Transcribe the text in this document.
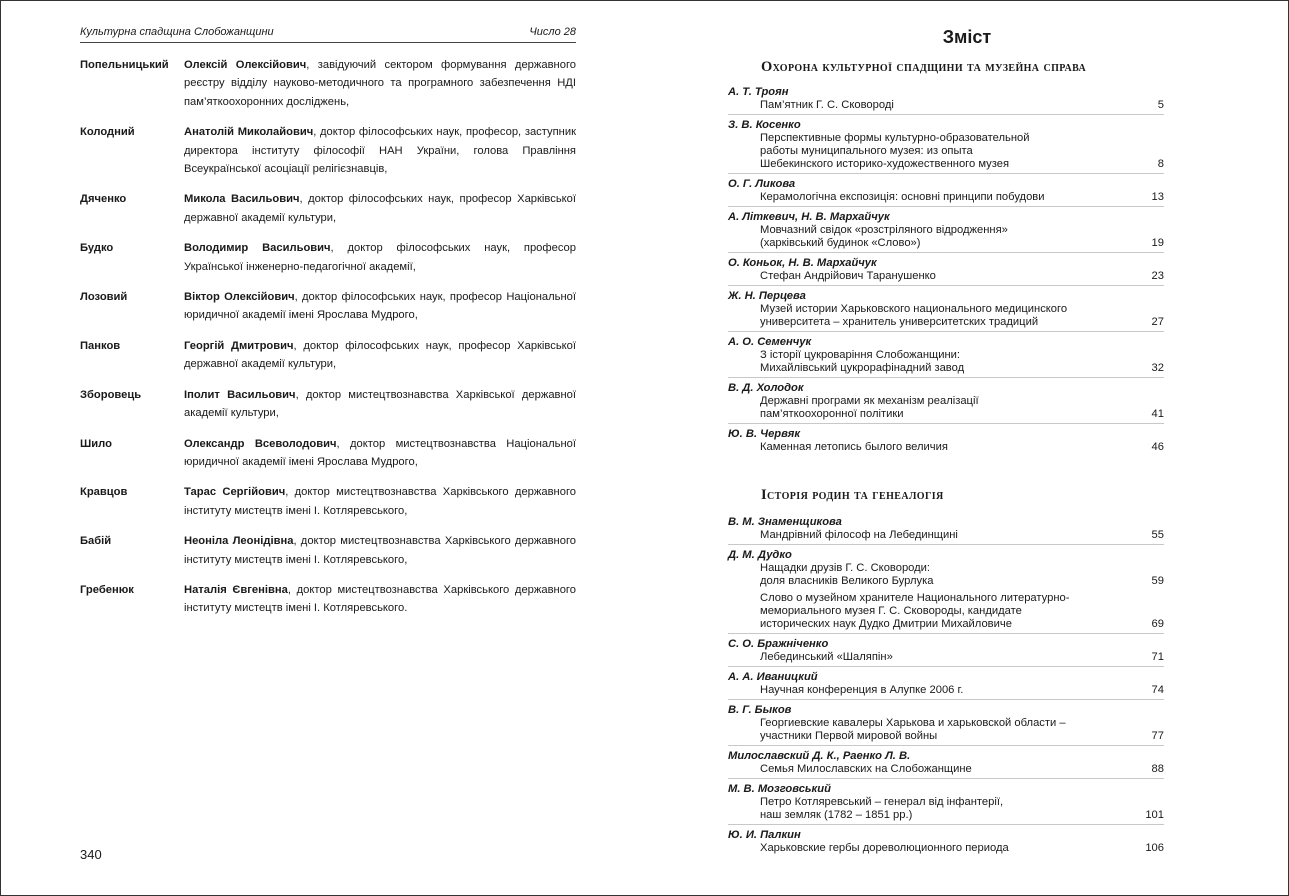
Культурна спадщина Слобожанщини	Число 28
Попельницький	Олексій Олексійович, завідуючий сектором формування державного реєстру відділу науково-методичного та програмного забезпечення НДІ пам’яткоохоронних досліджень,
Колодний	Анатолій Миколайович, доктор філософських наук, професор, заступник директора інституту філософії НАН України, голова Правління Всеукраїнської асоціації релігієзнавців,
Дяченко	Микола Васильович, доктор філософських наук, професор Харківської державної академії культури,
Будко	Володимир Васильович, доктор філософських наук, професор Української інженерно-педагогічної академії,
Лозовий	Віктор Олексійович, доктор філософських наук, професор Національної юридичної академії імені Ярослава Мудрого,
Панков	Георгій Дмитрович, доктор філософських наук, професор Харківської державної академії культури,
Зборовець	Іполит Васильович, доктор мистецтвознавства Харківської державної академії культури,
Шило	Олександр Всеволодович, доктор мистецтвознавства Національної юридичної академії імені Ярослава Мудрого,
Кравцов	Тарас Сергійович, доктор мистецтвознавства Харківського державного інституту мистецтв імені І. Котляревського,
Бабій	Неоніла Леонідівна, доктор мистецтвознавства Харківського державного інституту мистецтв імені І. Котляревського,
Гребенюк	Наталія Євгенівна, доктор мистецтвознавства Харківського державного інституту мистецтв імені І. Котляревського.
340
Зміст
Охорона культурної спадщини та музейна справа
А. Т. Троян
Пам’ятник Г. С. Сковороді	5
З. В. Косенко
Перспективные формы культурно-образовательной
работы муниципального музея: из опыта
Шебекинского историко-художественного музея	8
О. Г. Ликова
Керамологічна експозиція: основні принципи побудови	13
А. Літкевич, Н. В. Мархайчук
Мовчазний свідок «розстріляного відродження»
(харківський будинок «Слово»)	19
О. Коньок, Н. В. Мархайчук
Стефан Андрійович Таранушенко	23
Ж. Н. Перцева
Музей истории Харьковского национального медицинского
университета – хранитель университетских традиций	27
А. О. Семенчук
З історії цукроваріння Слобожанщини:
Михайлівський цукрорафінадний завод	32
В. Д. Холодок
Державні програми як механізм реалізації
пам’яткоохоронної політики	41
Ю. В. Червяк
Каменная летопись былого величия	46
Історія родин та генеалогія
В. М. Знаменщикова
Мандрівний філософ на Лебединщині	55
Д. М. Дудко
Нащадки друзів Г. С. Сковороди:
доля власників Великого Бурлука	59
Слово о музейном хранителе Национального литературно-
мемориального музея Г. С. Сковороды, кандидате
исторических наук Дудко Дмитрии Михайловиче	69
С. О. Бражніченко
Лебединський «Шаляпін»	71
А. А. Иваницкий
Научная конференция в Алупке 2006 г.	74
В. Г. Быков
Георгиевские кавалеры Харькова и харьковской области –
участники Первой мировой войны	77
Милославский Д. К., Раенко Л. В.
Семья Милославских на Слобожанщине	88
М. В. Мозговський
Петро Котляревський – генерал від інфантерії,
наш земляк (1782 – 1851 рр.)	101
Ю. И. Палкин
Харьковские гербы дореволюционного периода	106
